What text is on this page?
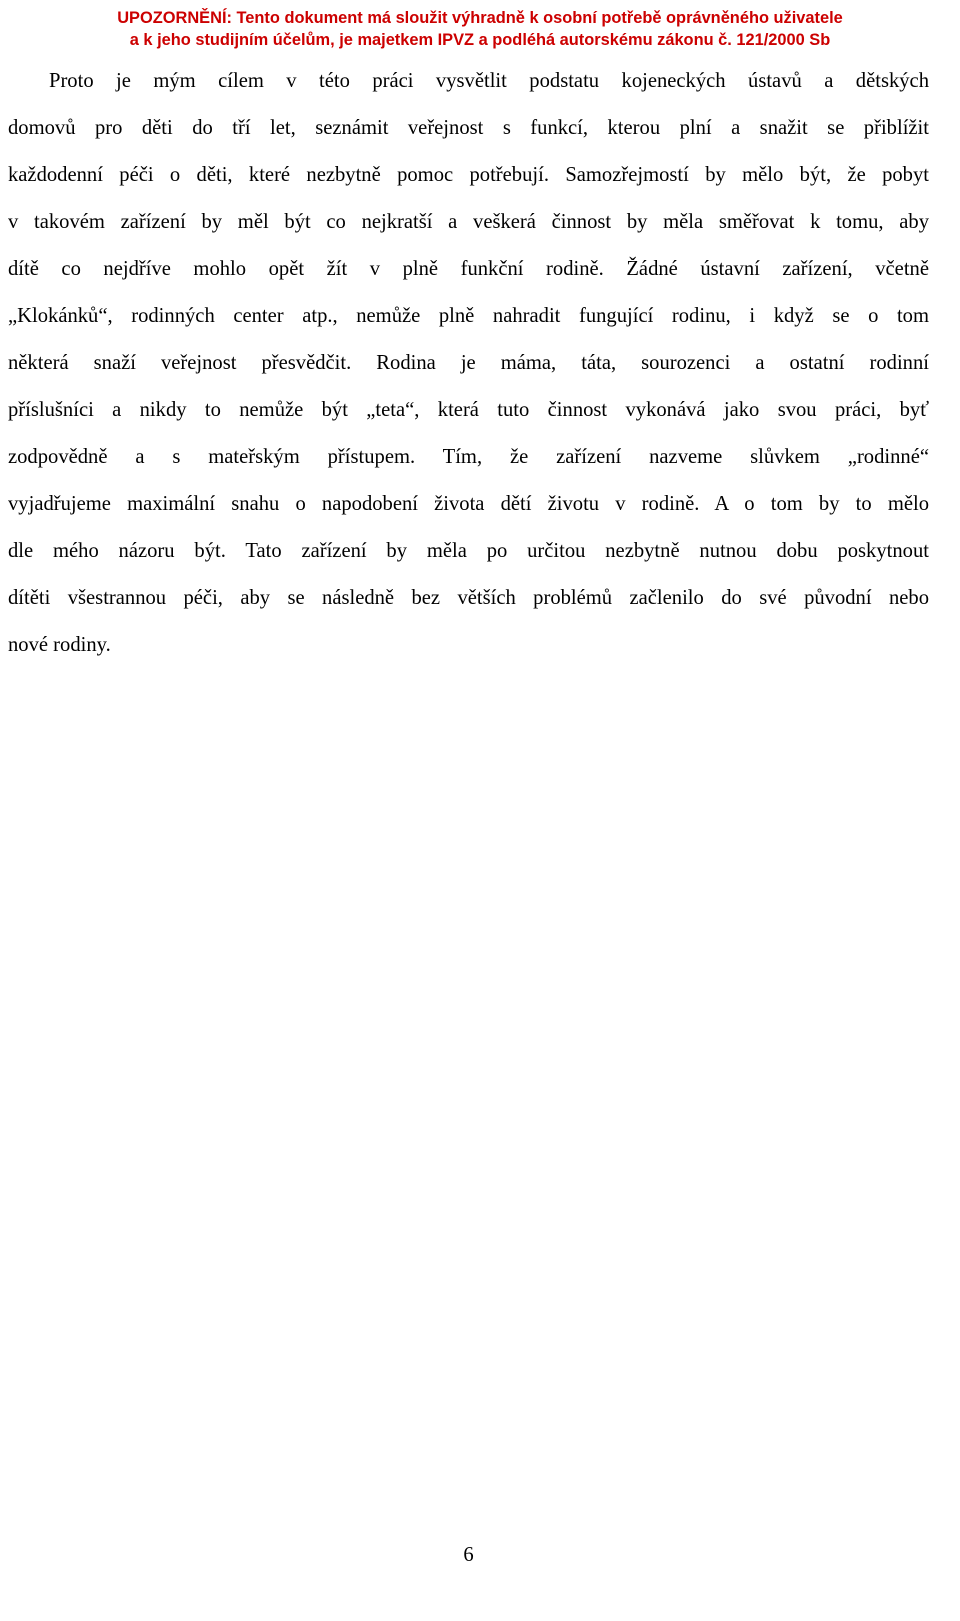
UPOZORNĚNÍ: Tento dokument má sloužit výhradně k osobní potřebě oprávněného uživatele
a k jeho studijním účelům, je majetkem IPVZ a podléhá autorskému zákonu č. 121/2000 Sb
Proto je mým cílem v této práci vysvětlit podstatu kojeneckých ústavů a dětských
domovů pro děti do tří let, seznámit veřejnost s funkcí, kterou plní a snažit se přiblížit
každodenní péči o děti, které nezbytně pomoc potřebují. Samozřejmostí by mělo být, že pobyt
v takovém zařízení by měl být co nejkratší a veškerá činnost by měla směřovat k tomu, aby
dítě co nejdříve mohlo opět žít v plně funkční rodině. Žádné ústavní zařízení, včetně
„Klokánků“, rodinných center atp., nemůže plně nahradit fungující rodinu, i když se o tom
některá snaží veřejnost přesvědčit. Rodina je máma, táta, sourozenci a ostatní rodinní
příslušníci a nikdy to nemůže být „teta“, která tuto činnost vykonává jako svou práci, byť
zodpovědně a s mateřským přístupem. Tím, že zařízení nazveme slůvkem „rodinné“
vyjadřujeme maximální snahu o napodobení života dětí životu v rodině. A o tom by to mělo
dle mého názoru být. Tato zařízení by měla po určitou nezbytně nutnou dobu poskytnout
dítěti všestrannou péči, aby se následně bez větších problémů začlenilo do své původní nebo
nové rodiny.
6
